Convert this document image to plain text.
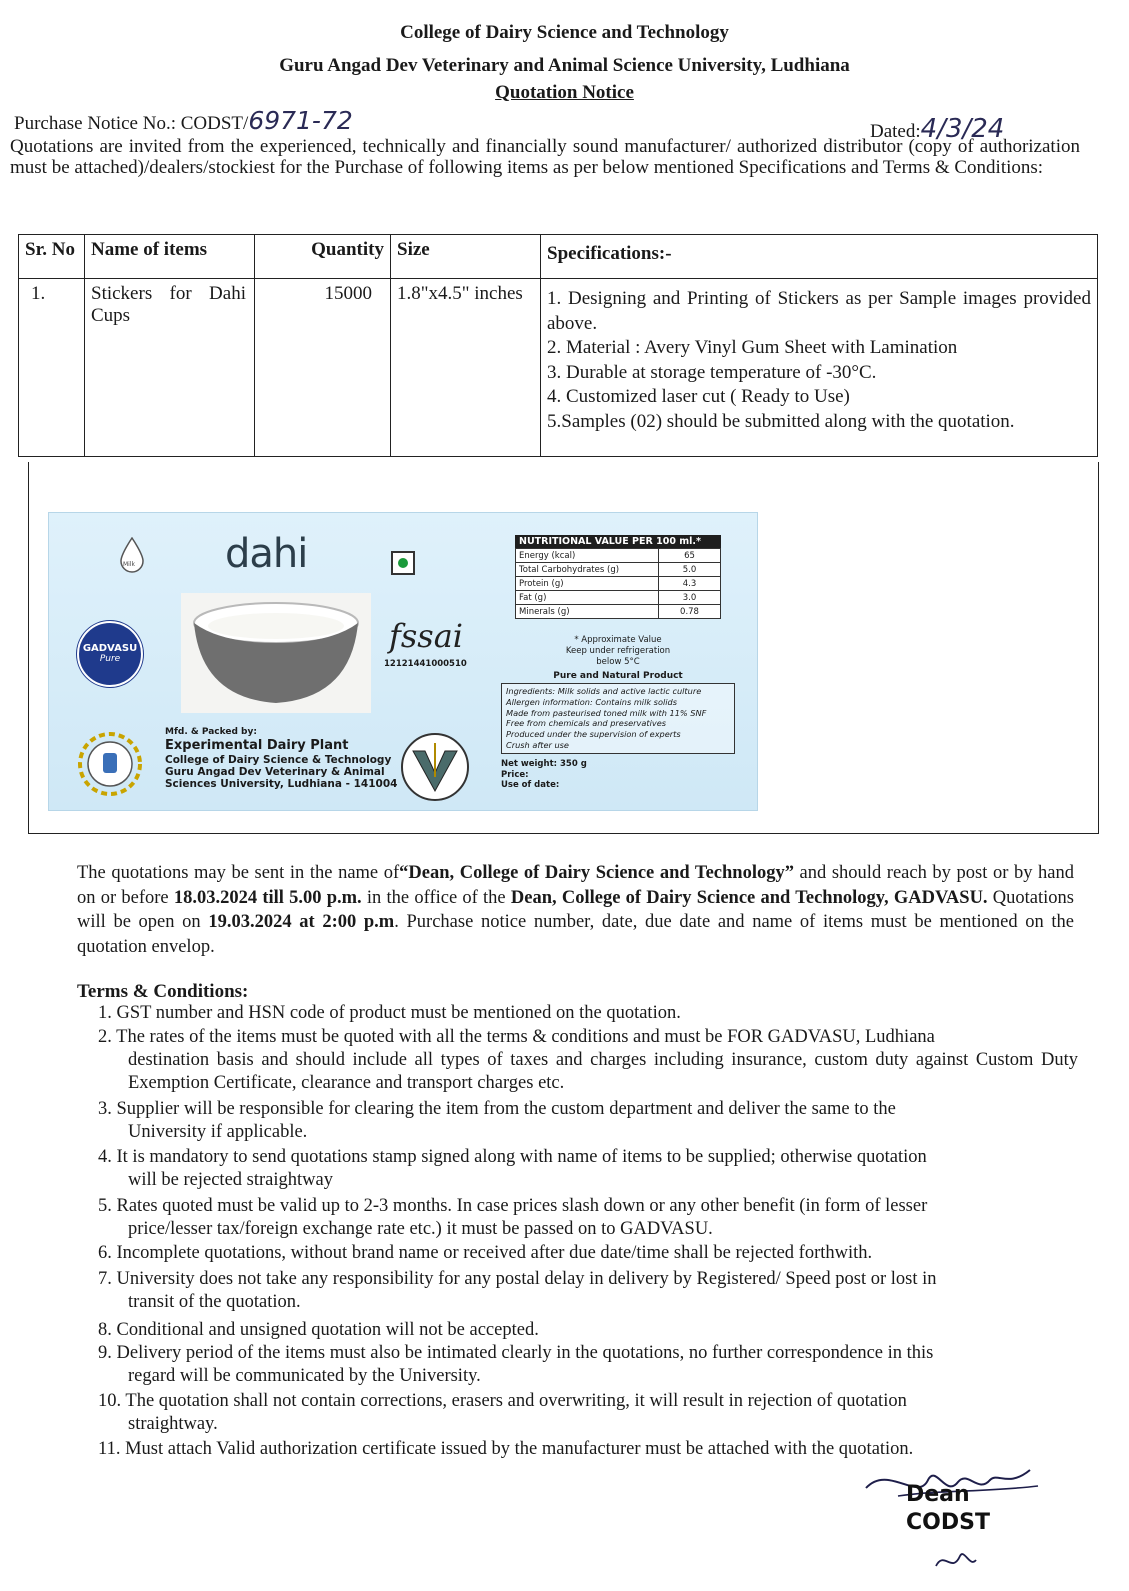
College of Dairy Science and Technology
Guru Angad Dev Veterinary and Animal Science University, Ludhiana
Quotation Notice
Purchase Notice No.: CODST/6971-72	Dated:4/3/24
Quotations are invited from the experienced, technically and financially sound manufacturer/ authorized distributor (copy of authorization must be attached)/dealers/stockiest for the Purchase of following items as per below mentioned Specifications and Terms & Conditions:
Sr. No	Name of items	Quantity	Size	Specifications:-
1.	Stickers for Dahi Cups	15000	1.8"x4.5" inches	1. Designing and Printing of Stickers as per Sample images provided above.
2. Material : Avery Vinyl Gum Sheet with Lamination
3. Durable at storage temperature of -30°C.
4. Customized laser cut ( Ready to Use)
5.Samples (02) should be submitted along with the quotation.
Milk
GADVASU
Pure
dahi
fssai
12121441000510
NUTRITIONAL VALUE PER 100 ml.*
Energy (kcal)	65
Total Carbohydrates (g)	5.0
Protein (g)	4.3
Fat (g)	3.0
Minerals (g)	0.78
* Approximate Value
Keep under refrigeration
below 5°C
Pure and Natural Product
Ingredients: Milk solids and active lactic culture
Allergen information: Contains milk solids
Made from pasteurised toned milk with 11% SNF
Free from chemicals and preservatives
Produced under the supervision of experts
Crush after use
Net weight: 350 g
Price:
Use of date:
Mfd. & Packed by:
Experimental Dairy Plant
College of Dairy Science & Technology
Guru Angad Dev Veterinary & Animal
Sciences University, Ludhiana - 141004
The quotations may be sent in the name of“Dean, College of Dairy Science and Technology” and should reach by post or by hand on or before 18.03.2024 till 5.00 p.m. in the office of the Dean, College of Dairy Science and Technology, GADVASU. Quotations will be open on 19.03.2024 at 2:00 p.m. Purchase notice number, date, due date and name of items must be mentioned on the quotation envelop.
Terms & Conditions:
1. GST number and HSN code of product must be mentioned on the quotation.
2. The rates of the items must be quoted with all the terms & conditions and must be FOR GADVASU, Ludhiana
destination basis and should include all types of taxes and charges including insurance, custom duty against Custom Duty Exemption Certificate, clearance and transport charges etc.
3. Supplier will be responsible for clearing the item from the custom department and deliver the same to the
University if applicable.
4. It is mandatory to send quotations stamp signed along with name of items to be supplied; otherwise quotation
will be rejected straightway
5. Rates quoted must be valid up to 2-3 months. In case prices slash down or any other benefit (in form of lesser
price/lesser tax/foreign exchange rate etc.) it must be passed on to GADVASU.
6. Incomplete quotations, without brand name or received after due date/time shall be rejected forthwith.
7. University does not take any responsibility for any postal delay in delivery by Registered/ Speed post or lost in
transit of the quotation.
8. Conditional and unsigned quotation will not be accepted.
9. Delivery period of the items must also be intimated clearly in the quotations, no further correspondence in this
regard will be communicated by the University.
10. The quotation shall not contain corrections, erasers and overwriting, it will result in rejection of quotation
straightway.
11. Must attach Valid authorization certificate issued by the manufacturer must be attached with the quotation.
Dean
CODST
